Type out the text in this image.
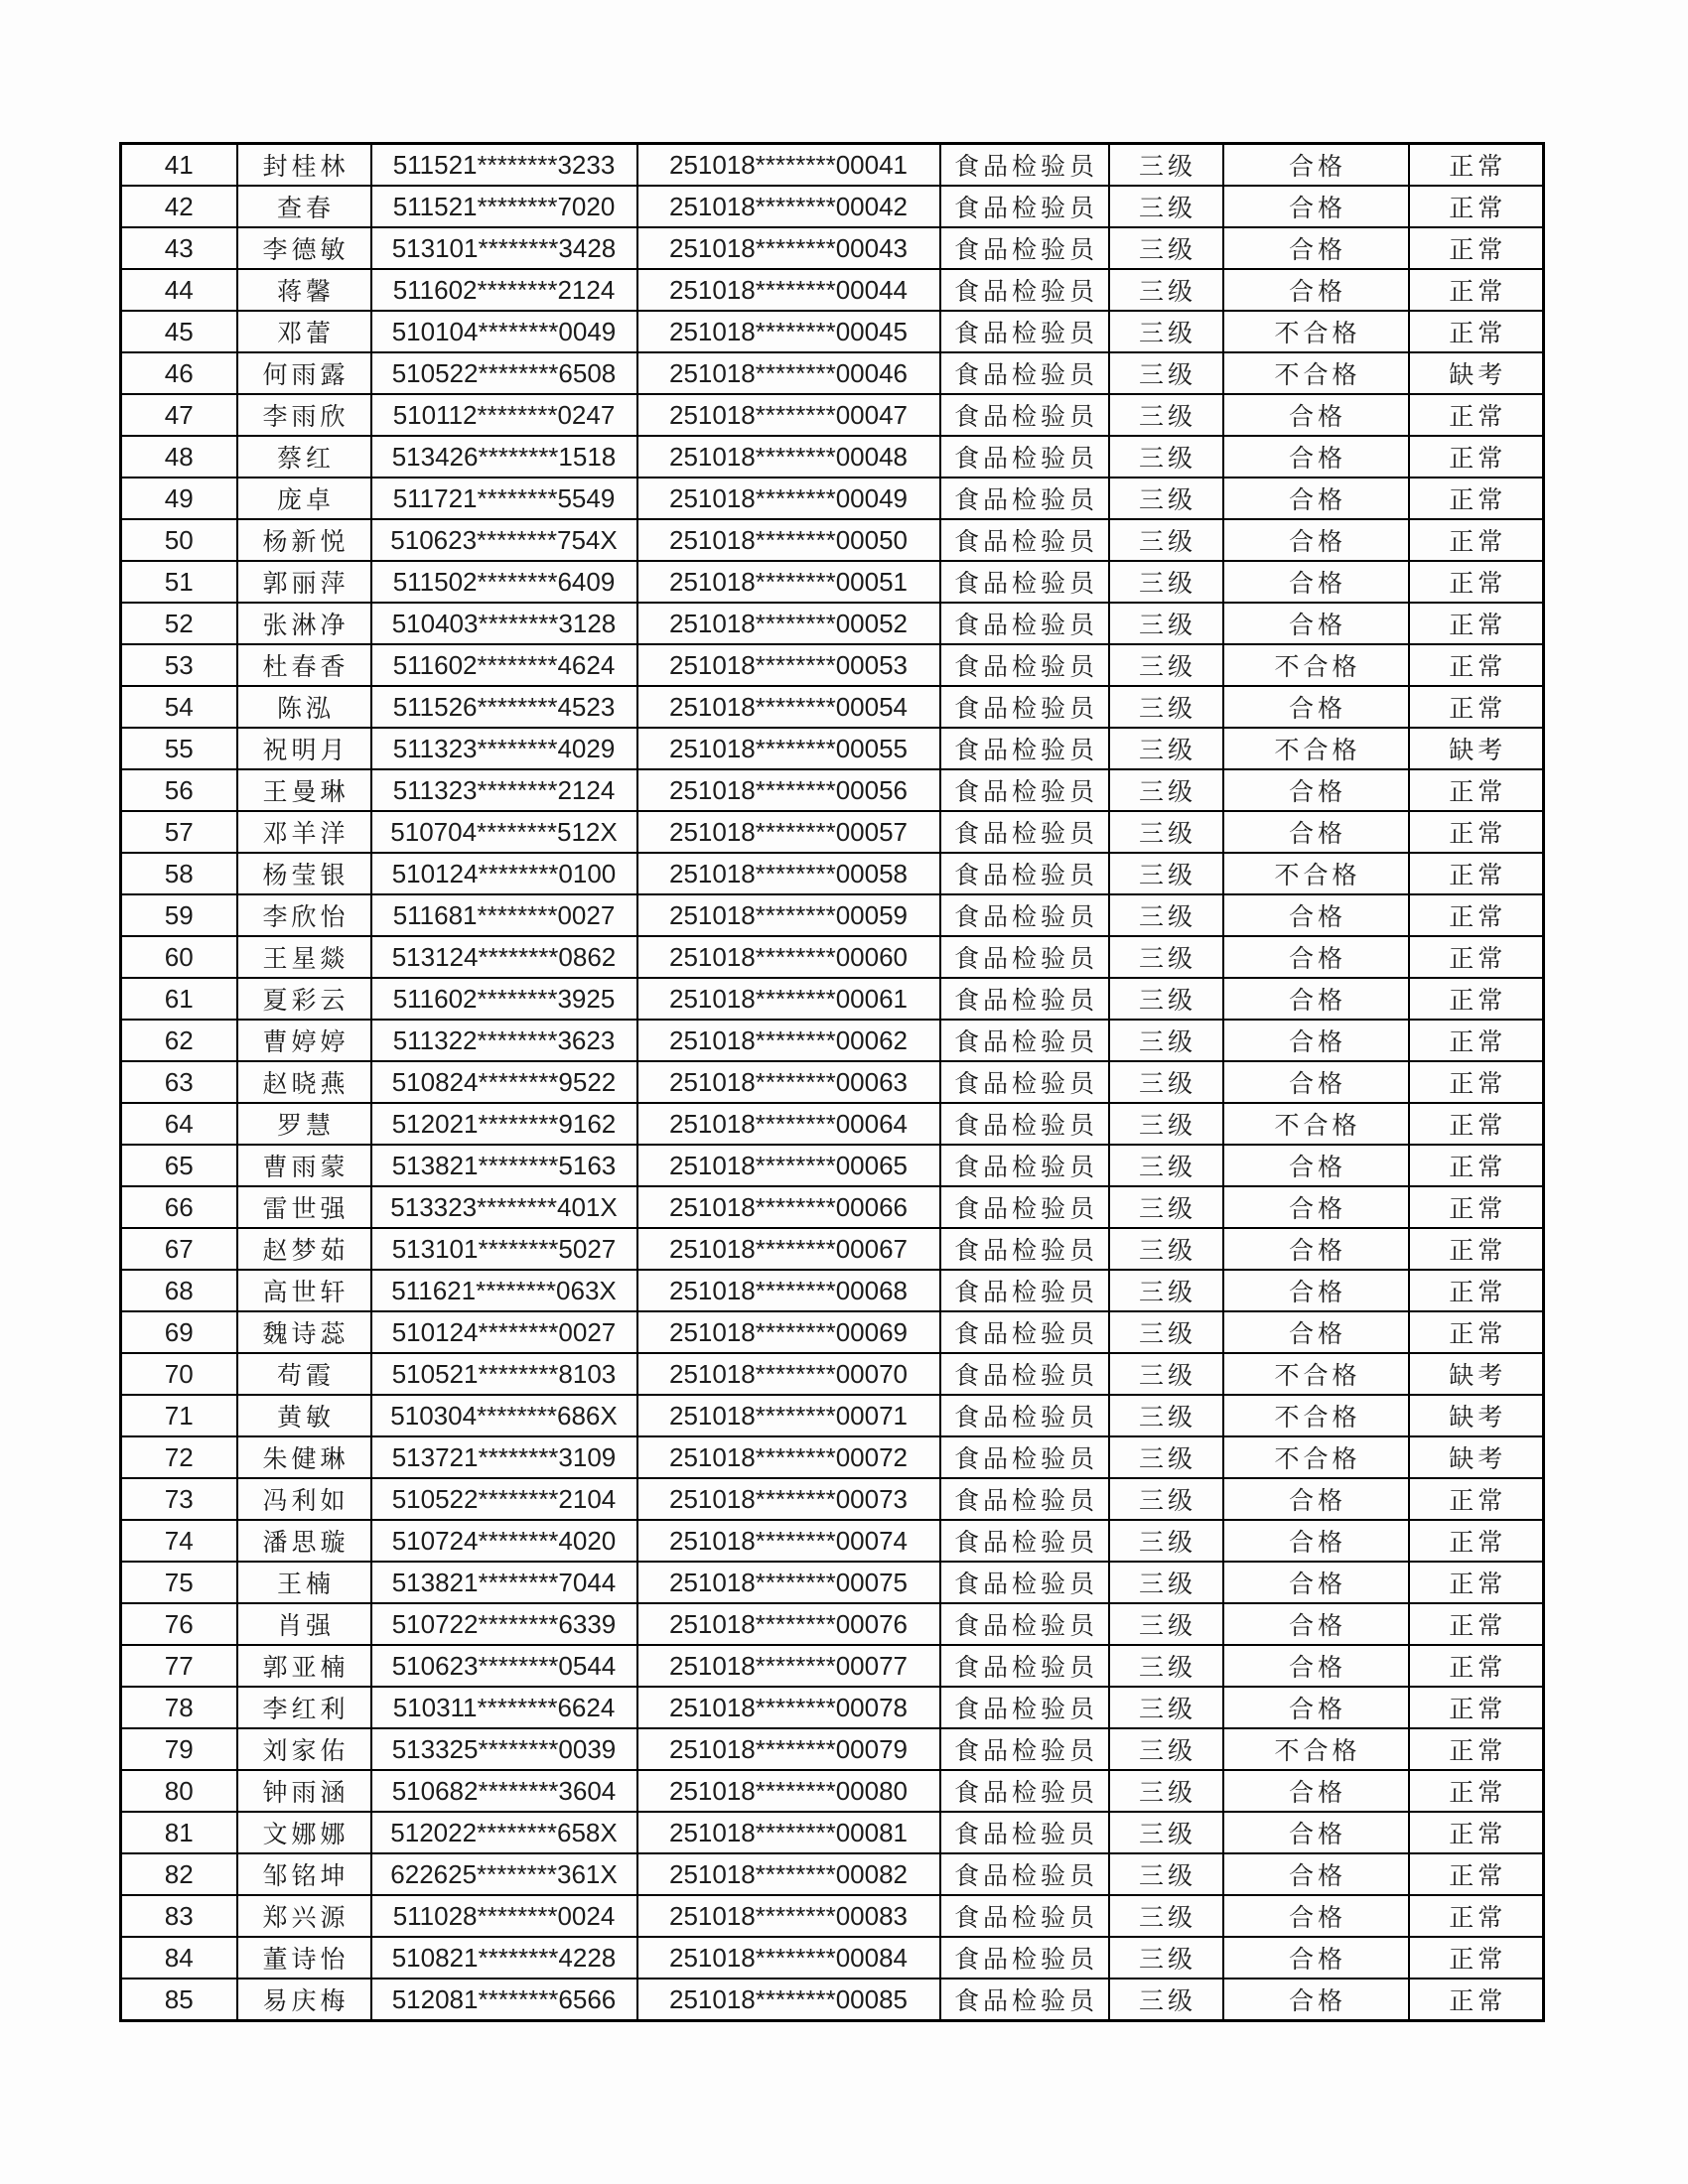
41	封桂林	511521********3233	251018********00041	食品检验员	三级	合格	正常
42	查春	511521********7020	251018********00042	食品检验员	三级	合格	正常
43	李德敏	513101********3428	251018********00043	食品检验员	三级	合格	正常
44	蒋馨	511602********2124	251018********00044	食品检验员	三级	合格	正常
45	邓蕾	510104********0049	251018********00045	食品检验员	三级	不合格	正常
46	何雨露	510522********6508	251018********00046	食品检验员	三级	不合格	缺考
47	李雨欣	510112********0247	251018********00047	食品检验员	三级	合格	正常
48	蔡红	513426********1518	251018********00048	食品检验员	三级	合格	正常
49	庞卓	511721********5549	251018********00049	食品检验员	三级	合格	正常
50	杨新悦	510623********754X	251018********00050	食品检验员	三级	合格	正常
51	郭丽萍	511502********6409	251018********00051	食品检验员	三级	合格	正常
52	张淋净	510403********3128	251018********00052	食品检验员	三级	合格	正常
53	杜春香	511602********4624	251018********00053	食品检验员	三级	不合格	正常
54	陈泓	511526********4523	251018********00054	食品检验员	三级	合格	正常
55	祝明月	511323********4029	251018********00055	食品检验员	三级	不合格	缺考
56	王曼琳	511323********2124	251018********00056	食品检验员	三级	合格	正常
57	邓羊洋	510704********512X	251018********00057	食品检验员	三级	合格	正常
58	杨莹银	510124********0100	251018********00058	食品检验员	三级	不合格	正常
59	李欣怡	511681********0027	251018********00059	食品检验员	三级	合格	正常
60	王星燚	513124********0862	251018********00060	食品检验员	三级	合格	正常
61	夏彩云	511602********3925	251018********00061	食品检验员	三级	合格	正常
62	曹婷婷	511322********3623	251018********00062	食品检验员	三级	合格	正常
63	赵晓燕	510824********9522	251018********00063	食品检验员	三级	合格	正常
64	罗慧	512021********9162	251018********00064	食品检验员	三级	不合格	正常
65	曹雨蒙	513821********5163	251018********00065	食品检验员	三级	合格	正常
66	雷世强	513323********401X	251018********00066	食品检验员	三级	合格	正常
67	赵梦茹	513101********5027	251018********00067	食品检验员	三级	合格	正常
68	高世轩	511621********063X	251018********00068	食品检验员	三级	合格	正常
69	魏诗蕊	510124********0027	251018********00069	食品检验员	三级	合格	正常
70	苟霞	510521********8103	251018********00070	食品检验员	三级	不合格	缺考
71	黄敏	510304********686X	251018********00071	食品检验员	三级	不合格	缺考
72	朱健琳	513721********3109	251018********00072	食品检验员	三级	不合格	缺考
73	冯利如	510522********2104	251018********00073	食品检验员	三级	合格	正常
74	潘思璇	510724********4020	251018********00074	食品检验员	三级	合格	正常
75	王楠	513821********7044	251018********00075	食品检验员	三级	合格	正常
76	肖强	510722********6339	251018********00076	食品检验员	三级	合格	正常
77	郭亚楠	510623********0544	251018********00077	食品检验员	三级	合格	正常
78	李红利	510311********6624	251018********00078	食品检验员	三级	合格	正常
79	刘家佑	513325********0039	251018********00079	食品检验员	三级	不合格	正常
80	钟雨涵	510682********3604	251018********00080	食品检验员	三级	合格	正常
81	文娜娜	512022********658X	251018********00081	食品检验员	三级	合格	正常
82	邹铭坤	622625********361X	251018********00082	食品检验员	三级	合格	正常
83	郑兴源	511028********0024	251018********00083	食品检验员	三级	合格	正常
84	董诗怡	510821********4228	251018********00084	食品检验员	三级	合格	正常
85	易庆梅	512081********6566	251018********00085	食品检验员	三级	合格	正常
